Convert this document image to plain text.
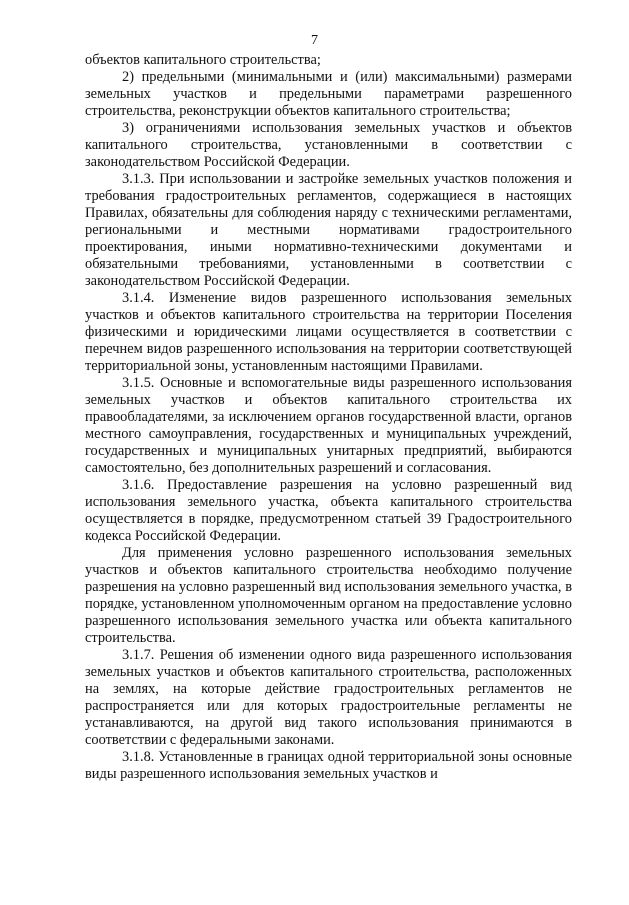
7

объектов капитального строительства;

2) предельными (минимальными и (или) максимальными) размерами земельных участков и предельными параметрами разрешенного строительства, реконструкции объектов капитального строительства;

3) ограничениями использования земельных участков и объектов капитального строительства, установленными в соответствии с законодательством Российской Федерации.

3.1.3. При использовании и застройке земельных участков положения и требования градостроительных регламентов, содержащиеся в настоящих Правилах, обязательны для соблюдения наряду с техническими регламентами, региональными и местными нормативами градостроительного проектирования, иными нормативно-техническими документами и обязательными требованиями, установленными в соответствии с законодательством Российской Федерации.

3.1.4. Изменение видов разрешенного использования земельных участков и объектов капитального строительства на территории Поселения физическими и юридическими лицами осуществляется в соответствии с перечнем видов разрешенного использования на территории соответствующей территориальной зоны, установленным настоящими Правилами.

3.1.5. Основные и вспомогательные виды разрешенного использования земельных участков и объектов капитального строительства их правообладателями, за исключением органов государственной власти, органов местного самоуправления, государственных и муниципальных учреждений, государственных и муниципальных унитарных предприятий, выбираются самостоятельно, без дополнительных разрешений и согласования.

3.1.6. Предоставление разрешения на условно разрешенный вид использования земельного участка, объекта капитального строительства осуществляется в порядке, предусмотренном статьей 39 Градостроительного кодекса Российской Федерации.

Для применения условно разрешенного использования земельных участков и объектов капитального строительства необходимо получение разрешения на условно разрешенный вид использования земельного участка, в порядке, установленном уполномоченным органом на предоставление условно разрешенного использования земельного участка или объекта капитального строительства.

3.1.7. Решения об изменении одного вида разрешенного использования земельных участков и объектов капитального строительства, расположенных на землях, на которые действие градостроительных регламентов не распространяется или для которых градостроительные регламенты не устанавливаются, на другой вид такого использования принимаются в соответствии с федеральными законами.

3.1.8. Установленные в границах одной территориальной зоны основные виды разрешенного использования земельных участков и
